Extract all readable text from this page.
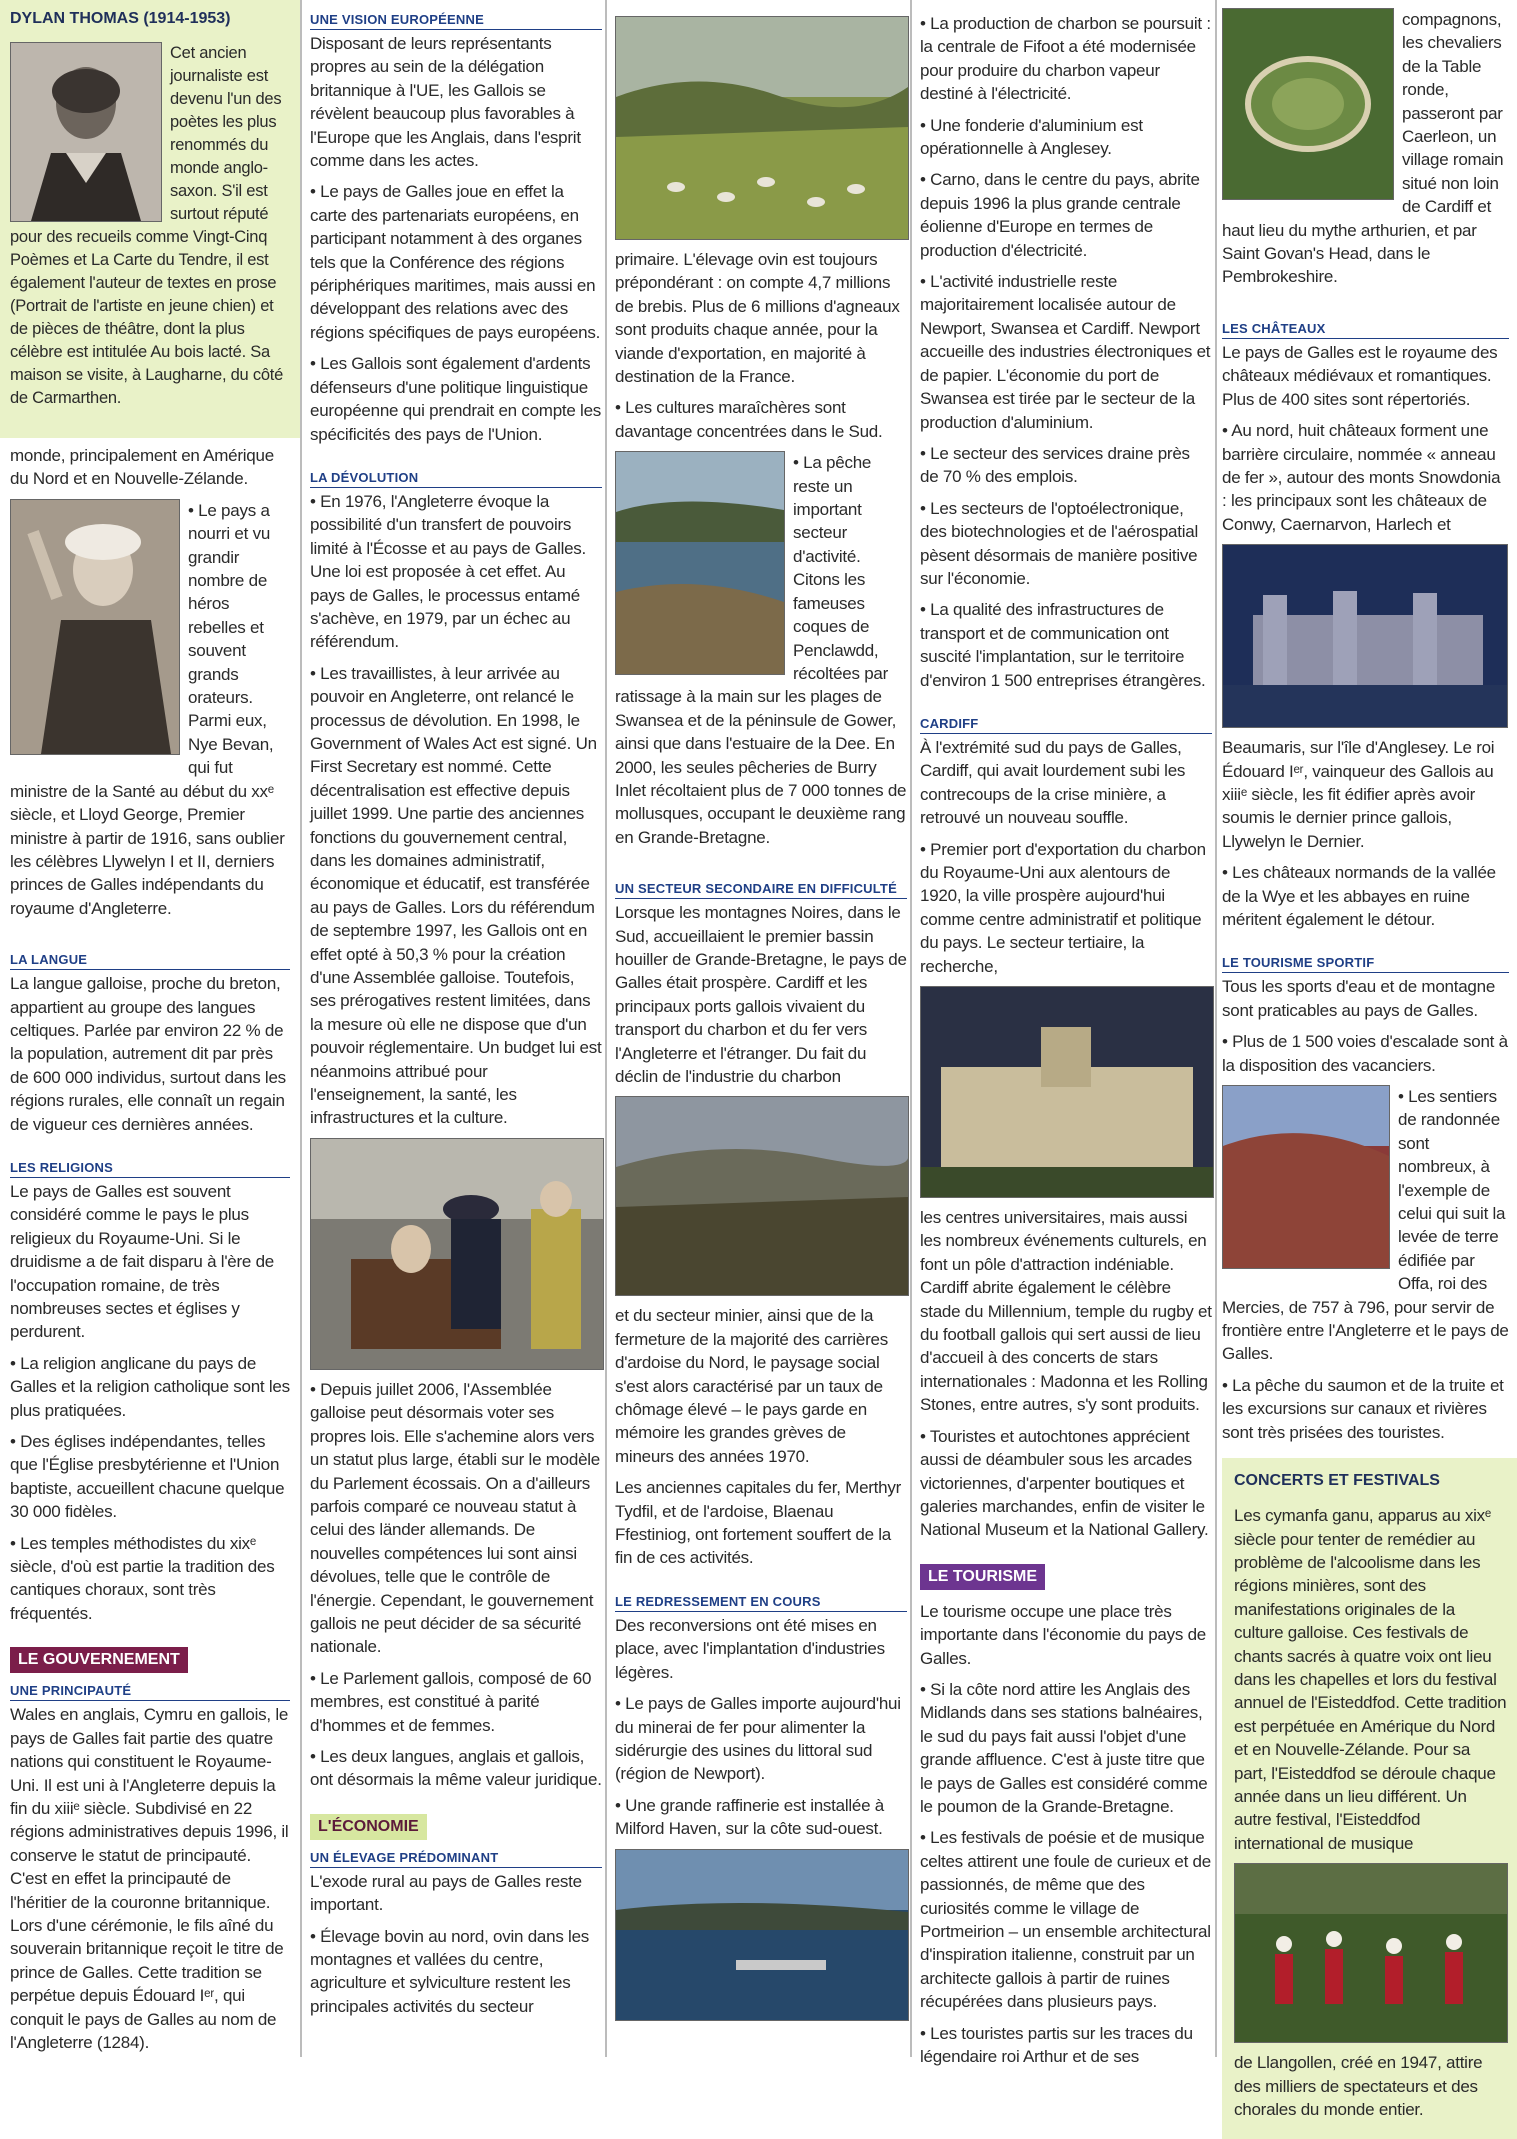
DYLAN THOMAS (1914-1953)

Cet ancien journaliste est devenu l'un des poètes les plus renommés du monde anglo-saxon. S'il est surtout réputé pour des recueils comme Vingt-Cinq Poèmes et La Carte du Tendre, il est également l'auteur de textes en prose (Portrait de l'artiste en jeune chien) et de pièces de théâtre, dont la plus célèbre est intitulée Au bois lacté. Sa maison se visite, à Laugharne, du côté de Carmarthen.

monde, principalement en Amérique du Nord et en Nouvelle-Zélande.

• Le pays a nourri et vu grandir nombre de héros rebelles et souvent grands orateurs. Parmi eux, Nye Bevan, qui fut ministre de la Santé au début du xxᵉ siècle, et Lloyd George, Premier ministre à partir de 1916, sans oublier les célèbres Llywelyn I et II, derniers princes de Galles indépendants du royaume d'Angleterre.

LA LANGUE

La langue galloise, proche du breton, appartient au groupe des langues celtiques. Parlée par environ 22 % de la population, autrement dit par près de 600 000 individus, surtout dans les régions rurales, elle connaît un regain de vigueur ces dernières années.

LES RELIGIONS

Le pays de Galles est souvent considéré comme le pays le plus religieux du Royaume-Uni. Si le druidisme a de fait disparu à l'ère de l'occupation romaine, de très nombreuses sectes et églises y perdurent.

• La religion anglicane du pays de Galles et la religion catholique sont les plus pratiquées.

• Des églises indépendantes, telles que l'Église presbytérienne et l'Union baptiste, accueillent chacune quelque 30 000 fidèles.

• Les temples méthodistes du xixᵉ siècle, d'où est partie la tradition des cantiques choraux, sont très fréquentés.

LE GOUVERNEMENT
UNE PRINCIPAUTÉ

Wales en anglais, Cymru en gallois, le pays de Galles fait partie des quatre nations qui constituent le Royaume-Uni. Il est uni à l'Angleterre depuis la fin du xiiiᵉ siècle. Subdivisé en 22 régions administratives depuis 1996, il conserve le statut de principauté. C'est en effet la principauté de l'héritier de la couronne britannique. Lors d'une cérémonie, le fils aîné du souverain britannique reçoit le titre de prince de Galles. Cette tradition se perpétue depuis Édouard Iᵉʳ, qui conquit le pays de Galles au nom de l'Angleterre (1284).

UNE VISION EUROPÉENNE

Disposant de leurs représentants propres au sein de la délégation britannique à l'UE, les Gallois se révèlent beaucoup plus favorables à l'Europe que les Anglais, dans l'esprit comme dans les actes.

• Le pays de Galles joue en effet la carte des partenariats européens, en participant notamment à des organes tels que la Conférence des régions périphériques maritimes, mais aussi en développant des relations avec des régions spécifiques de pays européens.

• Les Gallois sont également d'ardents défenseurs d'une politique linguistique européenne qui prendrait en compte les spécificités des pays de l'Union.

LA DÉVOLUTION

• En 1976, l'Angleterre évoque la possibilité d'un transfert de pouvoirs limité à l'Écosse et au pays de Galles. Une loi est proposée à cet effet. Au pays de Galles, le processus entamé s'achève, en 1979, par un échec au référendum.

• Les travaillistes, à leur arrivée au pouvoir en Angleterre, ont relancé le processus de dévolution. En 1998, le Government of Wales Act est signé. Un First Secretary est nommé. Cette décentralisation est effective depuis juillet 1999. Une partie des anciennes fonctions du gouvernement central, dans les domaines administratif, économique et éducatif, est transférée au pays de Galles. Lors du référendum de septembre 1997, les Gallois ont en effet opté à 50,3 % pour la création d'une Assemblée galloise. Toutefois, ses prérogatives restent limitées, dans la mesure où elle ne dispose que d'un pouvoir réglementaire. Un budget lui est néanmoins attribué pour l'enseignement, la santé, les infrastructures et la culture.

• Depuis juillet 2006, l'Assemblée galloise peut désormais voter ses propres lois. Elle s'achemine alors vers un statut plus large, établi sur le modèle du Parlement écossais. On a d'ailleurs parfois comparé ce nouveau statut à celui des länder allemands. De nouvelles compétences lui sont ainsi dévolues, telle que le contrôle de l'énergie. Cependant, le gouvernement gallois ne peut décider de sa sécurité nationale.

• Le Parlement gallois, composé de 60 membres, est constitué à parité d'hommes et de femmes.

• Les deux langues, anglais et gallois, ont désormais la même valeur juridique.

L'ÉCONOMIE
UN ÉLEVAGE PRÉDOMINANT

L'exode rural au pays de Galles reste important.

• Élevage bovin au nord, ovin dans les montagnes et vallées du centre, agriculture et sylviculture restent les principales activités du secteur

primaire. L'élevage ovin est toujours prépondérant : on compte 4,7 millions de brebis. Plus de 6 millions d'agneaux sont produits chaque année, pour la viande d'exportation, en majorité à destination de la France.

• Les cultures maraîchères sont davantage concentrées dans le Sud.

• La pêche reste un important secteur d'activité. Citons les fameuses coques de Penclawdd, récoltées par ratissage à la main sur les plages de Swansea et de la péninsule de Gower, ainsi que dans l'estuaire de la Dee. En 2000, les seules pêcheries de Burry Inlet récoltaient plus de 7 000 tonnes de mollusques, occupant le deuxième rang en Grande-Bretagne.

UN SECTEUR SECONDAIRE EN DIFFICULTÉ

Lorsque les montagnes Noires, dans le Sud, accueillaient le premier bassin houiller de Grande-Bretagne, le pays de Galles était prospère. Cardiff et les principaux ports gallois vivaient du transport du charbon et du fer vers l'Angleterre et l'étranger. Du fait du déclin de l'industrie du charbon

et du secteur minier, ainsi que de la fermeture de la majorité des carrières d'ardoise du Nord, le paysage social s'est alors caractérisé par un taux de chômage élevé – le pays garde en mémoire les grandes grèves de mineurs des années 1970.

Les anciennes capitales du fer, Merthyr Tydfil, et de l'ardoise, Blaenau Ffestiniog, ont fortement souffert de la fin de ces activités.

LE REDRESSEMENT EN COURS

Des reconversions ont été mises en place, avec l'implantation d'industries légères.

• Le pays de Galles importe aujourd'hui du minerai de fer pour alimenter la sidérurgie des usines du littoral sud (région de Newport).

• Une grande raffinerie est installée à Milford Haven, sur la côte sud-ouest.

• La production de charbon se poursuit : la centrale de Fifoot a été modernisée pour produire du charbon vapeur destiné à l'électricité.

• Une fonderie d'aluminium est opérationnelle à Anglesey.

• Carno, dans le centre du pays, abrite depuis 1996 la plus grande centrale éolienne d'Europe en termes de production d'électricité.

• L'activité industrielle reste majoritairement localisée autour de Newport, Swansea et Cardiff. Newport accueille des industries électroniques et de papier. L'économie du port de Swansea est tirée par le secteur de la production d'aluminium.

• Le secteur des services draine près de 70 % des emplois.

• Les secteurs de l'optoélectronique, des biotechnologies et de l'aérospatial pèsent désormais de manière positive sur l'économie.

• La qualité des infrastructures de transport et de communication ont suscité l'implantation, sur le territoire d'environ 1 500 entreprises étrangères.

CARDIFF

À l'extrémité sud du pays de Galles, Cardiff, qui avait lourdement subi les contrecoups de la crise minière, a retrouvé un nouveau souffle.

• Premier port d'exportation du charbon du Royaume-Uni aux alentours de 1920, la ville prospère aujourd'hui comme centre administratif et politique du pays. Le secteur tertiaire, la recherche,

les centres universitaires, mais aussi les nombreux événements culturels, en font un pôle d'attraction indéniable. Cardiff abrite également le célèbre stade du Millennium, temple du rugby et du football gallois qui sert aussi de lieu d'accueil à des concerts de stars internationales : Madonna et les Rolling Stones, entre autres, s'y sont produits.

• Touristes et autochtones apprécient aussi de déambuler sous les arcades victoriennes, d'arpenter boutiques et galeries marchandes, enfin de visiter le National Museum et la National Gallery.

LE TOURISME

Le tourisme occupe une place très importante dans l'économie du pays de Galles.

• Si la côte nord attire les Anglais des Midlands dans ses stations balnéaires, le sud du pays fait aussi l'objet d'une grande affluence. C'est à juste titre que le pays de Galles est considéré comme le poumon de la Grande-Bretagne.

• Les festivals de poésie et de musique celtes attirent une foule de curieux et de passionnés, de même que des curiosités comme le village de Portmeirion – un ensemble architectural d'inspiration italienne, construit par un architecte gallois à partir de ruines récupérées dans plusieurs pays.

• Les touristes partis sur les traces du légendaire roi Arthur et de ses

compagnons, les chevaliers de la Table ronde, passeront par Caerleon, un village romain situé non loin de Cardiff et haut lieu du mythe arthurien, et par Saint Govan's Head, dans le Pembrokeshire.

LES CHÂTEAUX

Le pays de Galles est le royaume des châteaux médiévaux et romantiques. Plus de 400 sites sont répertoriés.

• Au nord, huit châteaux forment une barrière circulaire, nommée « anneau de fer », autour des monts Snowdonia : les principaux sont les châteaux de Conwy, Caernarvon, Harlech et

Beaumaris, sur l'île d'Anglesey. Le roi Édouard Iᵉʳ, vainqueur des Gallois au xiiiᵉ siècle, les fit édifier après avoir soumis le dernier prince gallois, Llywelyn le Dernier.

• Les châteaux normands de la vallée de la Wye et les abbayes en ruine méritent également le détour.

LE TOURISME SPORTIF

Tous les sports d'eau et de montagne sont praticables au pays de Galles.

• Plus de 1 500 voies d'escalade sont à la disposition des vacanciers.

• Les sentiers de randonnée sont nombreux, à l'exemple de celui qui suit la levée de terre édifiée par Offa, roi des Mercies, de 757 à 796, pour servir de frontière entre l'Angleterre et le pays de Galles.

• La pêche du saumon et de la truite et les excursions sur canaux et rivières sont très prisées des touristes.

CONCERTS ET FESTIVALS

Les cymanfa ganu, apparus au xixᵉ siècle pour tenter de remédier au problème de l'alcoolisme dans les régions minières, sont des manifestations originales de la culture galloise. Ces festivals de chants sacrés à quatre voix ont lieu dans les chapelles et lors du festival annuel de l'Eisteddfod. Cette tradition est perpétuée en Amérique du Nord et en Nouvelle-Zélande. Pour sa part, l'Eisteddfod se déroule chaque année dans un lieu différent. Un autre festival, l'Eisteddfod international de musique

de Llangollen, créé en 1947, attire des milliers de spectateurs et des chorales du monde entier.
